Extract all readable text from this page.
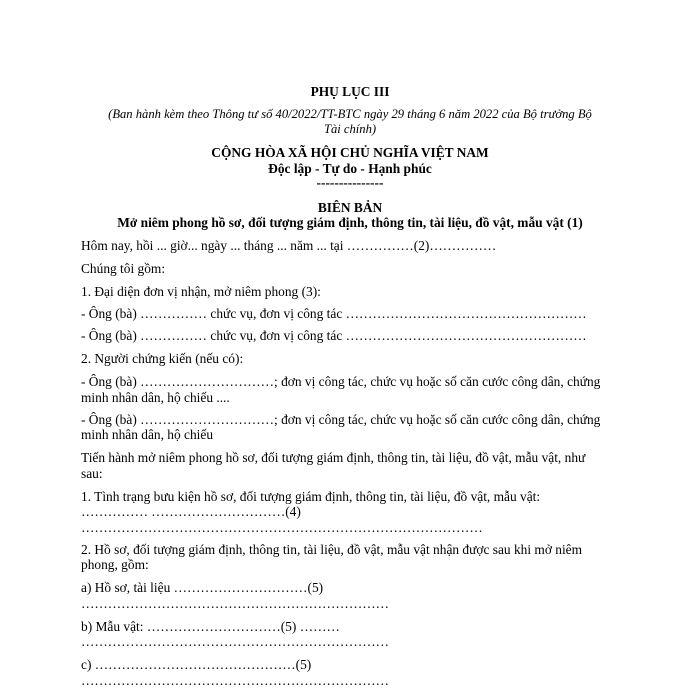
PHỤ LỤC III
(Ban hành kèm theo Thông tư số 40/2022/TT-BTC ngày 29 tháng 6 năm 2022 của Bộ trưởng Bộ
Tài chính)
CỘNG HÒA XÃ HỘI CHỦ NGHĨA VIỆT NAM
Độc lập - Tự do - Hạnh phúc
---------------
BIÊN BẢN
Mở niêm phong hồ sơ, đối tượng giám định, thông tin, tài liệu, đồ vật, mẫu vật (1)
Hôm nay, hồi ... giờ... ngày ... tháng ... năm ... tại ……………(2)……………
Chúng tôi gồm:
1. Đại diện đơn vị nhận, mở niêm phong (3):
- Ông (bà) …………… chức vụ, đơn vị công tác ………………………………………………
- Ông (bà) …………… chức vụ, đơn vị công tác ………………………………………………
2. Người chứng kiến (nếu có):
- Ông (bà) …………………………; đơn vị công tác, chức vụ hoặc số căn cước công dân, chứng
minh nhân dân, hộ chiếu ....
- Ông (bà) …………………………; đơn vị công tác, chức vụ hoặc số căn cước công dân, chứng
minh nhân dân, hộ chiếu
Tiến hành mở niêm phong hồ sơ, đối tượng giám định, thông tin, tài liệu, đồ vật, mẫu vật, như
sau:
1. Tình trạng bưu kiện hồ sơ, đối tượng giám định, thông tin, tài liệu, đồ vật, mẫu vật:
…………… …………………………(4)
………………………………………………………………………………
2. Hồ sơ, đối tượng giám định, thông tin, tài liệu, đồ vật, mẫu vật nhận được sau khi mở niêm
phong, gồm:
a) Hồ sơ, tài liệu …………………………(5)
……………………………………………………………
b) Mẫu vật: …………………………(5) ………
……………………………………………………………
c) ………………………………………(5)
……………………………………………………………
